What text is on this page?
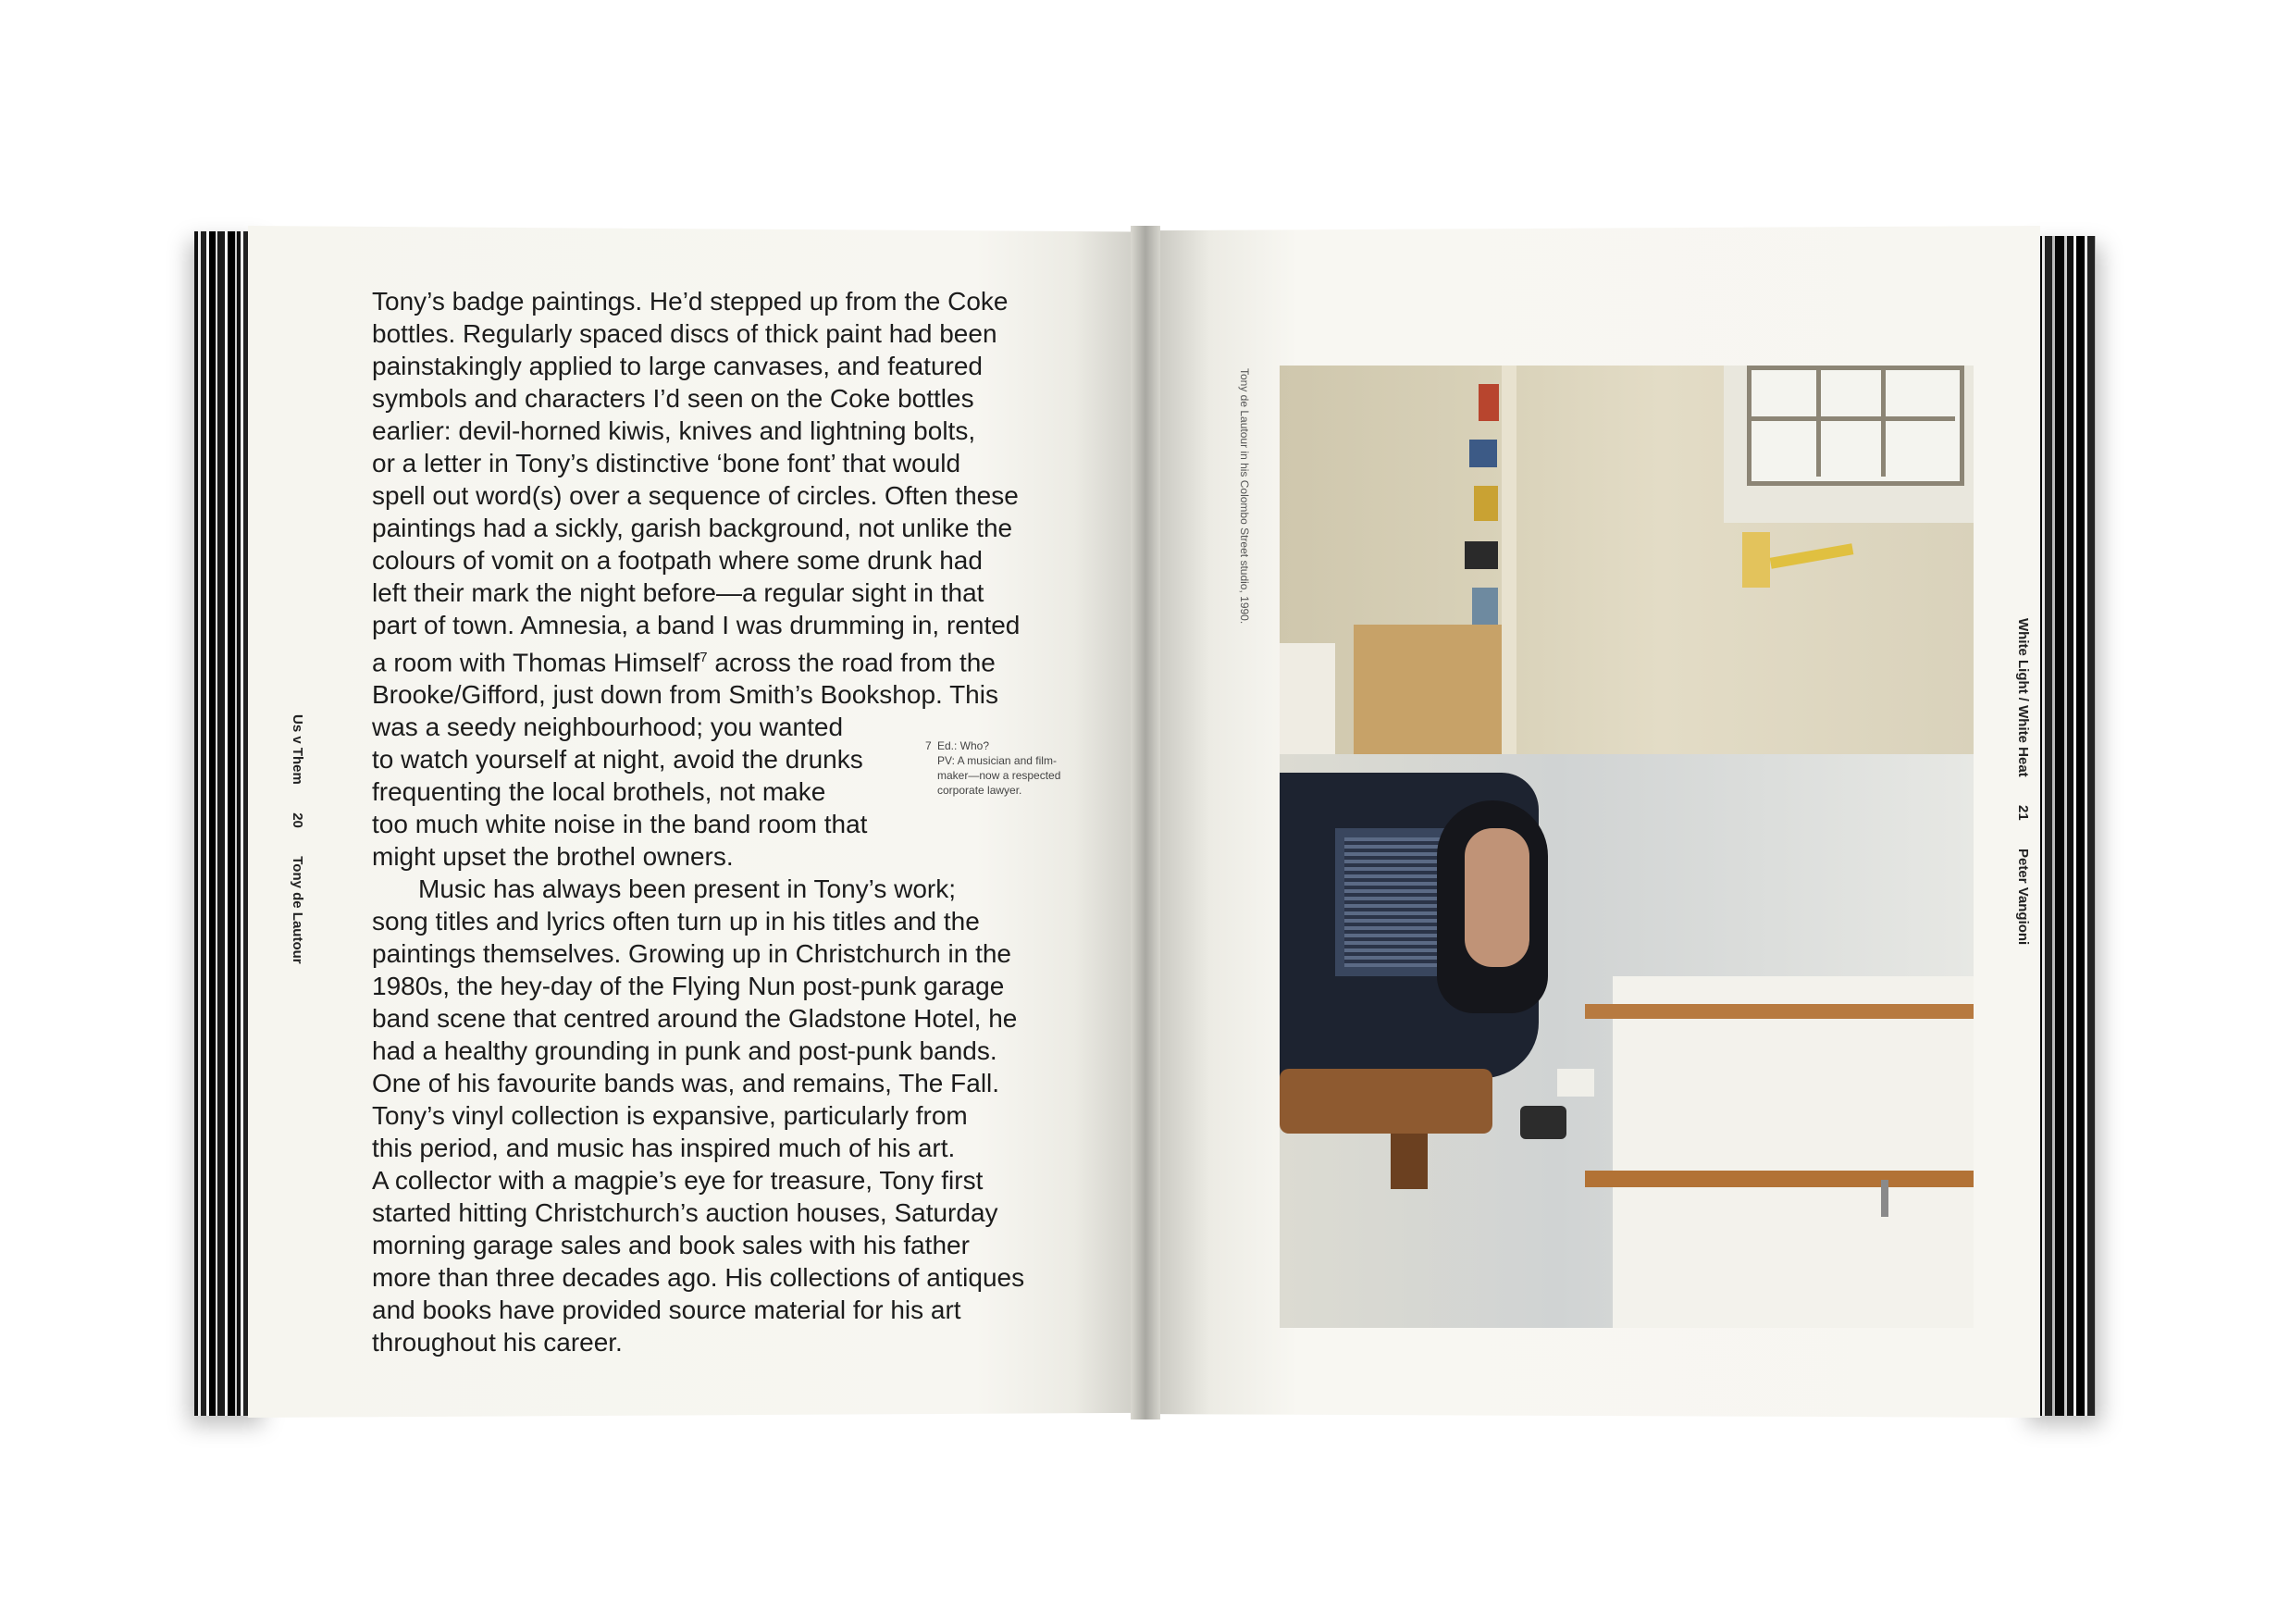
Us v Them  20  Tony de Lautour

Tony’s badge paintings. He’d stepped up from the Coke
bottles. Regularly spaced discs of thick paint had been
painstakingly applied to large canvases, and featured
symbols and characters I’d seen on the Coke bottles
earlier: devil-horned kiwis, knives and lightning bolts,
or a letter in Tony’s distinctive ‘bone font’ that would
spell out word(s) over a sequence of circles. Often these
paintings had a sickly, garish background, not unlike the
colours of vomit on a footpath where some drunk had
left their mark the night before—a regular sight in that
part of town. Amnesia, a band I was drumming in, rented
a room with Thomas Himself$^7$ across the road from the
Brooke/Gifford, just down from Smith’s Bookshop. This
was a seedy neighbourhood; you wanted
to watch yourself at night, avoid the drunks
frequenting the local brothels, not make
too much white noise in the band room that
might upset the brothel owners.

Music has always been present in Tony’s work;
song titles and lyrics often turn up in his titles and the
paintings themselves. Growing up in Christchurch in the
1980s, the hey-day of the Flying Nun post-punk garage
band scene that centred around the Gladstone Hotel, he
had a healthy grounding in punk and post-punk bands.
One of his favourite bands was, and remains, The Fall.
Tony’s vinyl collection is expansive, particularly from
this period, and music has inspired much of his art.
A collector with a magpie’s eye for treasure, Tony first
started hitting Christchurch’s auction houses, Saturday
morning garage sales and book sales with his father
more than three decades ago. His collections of antiques
and books have provided source material for his art
throughout his career.

7 Ed.: Who?
PV: A musician and film-
maker—now a respected
corporate lawyer.
Tony de Lautour in his Colombo Street studio, 1990.
White Light / White Heat  21  Peter Vangioni
